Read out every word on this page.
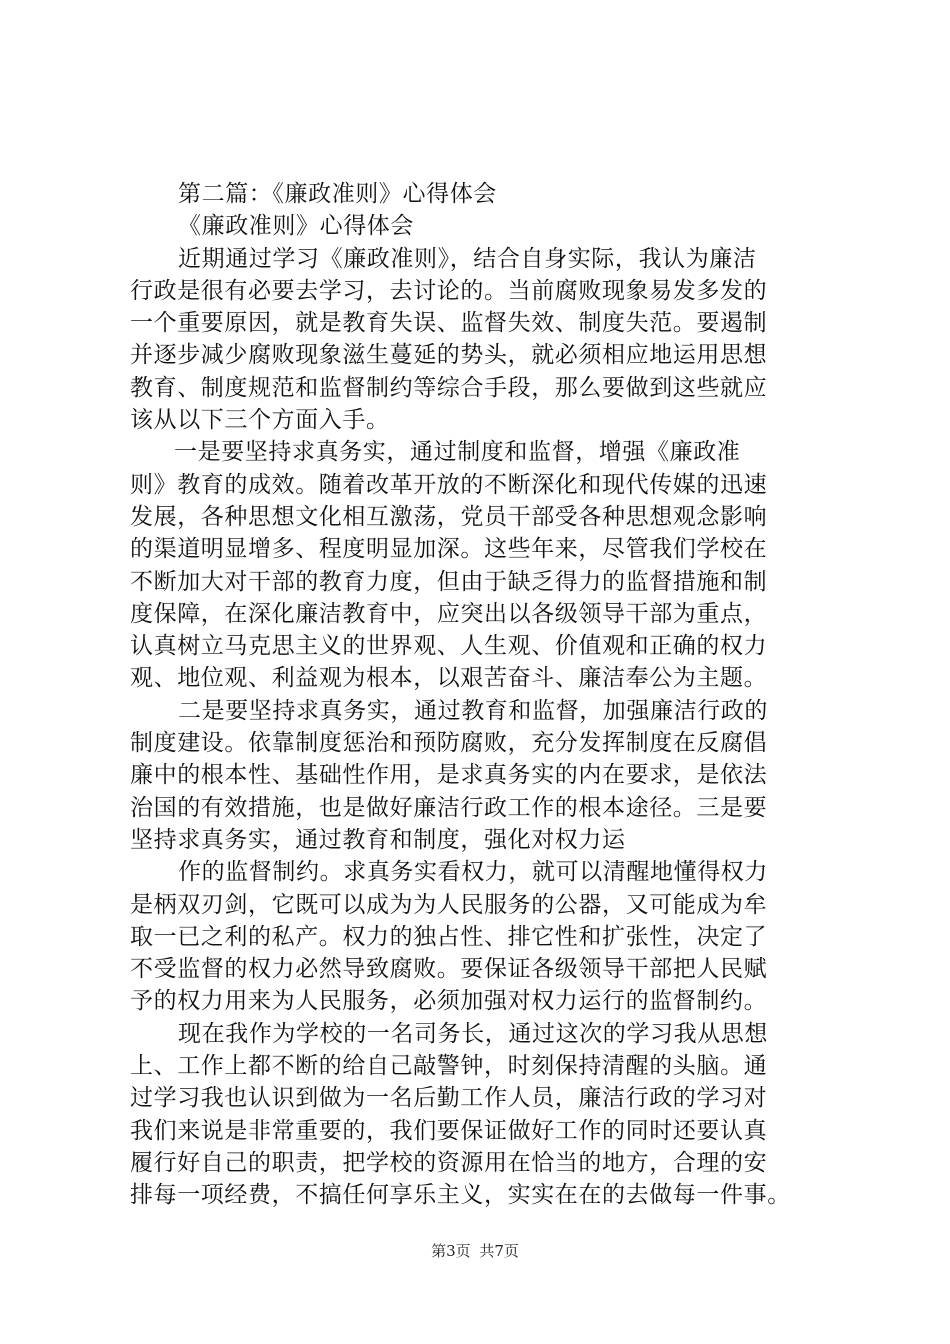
第二篇：《廉政准则》心得体会
《廉政准则》心得体会
近期通过学习《廉政准则》，结合自身实际，我认为廉洁
行政是很有必要去学习，去讨论的。当前腐败现象易发多发的
一个重要原因，就是教育失误、监督失效、制度失范。要遏制
并逐步减少腐败现象滋生蔓延的势头，就必须相应地运用思想
教育、制度规范和监督制约等综合手段，那么要做到这些就应
该从以下三个方面入手。
一是要坚持求真务实，通过制度和监督，增强《廉政准
则》教育的成效。随着改革开放的不断深化和现代传媒的迅速
发展，各种思想文化相互激荡，党员干部受各种思想观念影响
的渠道明显增多、程度明显加深。这些年来，尽管我们学校在
不断加大对干部的教育力度，但由于缺乏得力的监督措施和制
度保障，在深化廉洁教育中，应突出以各级领导干部为重点，
认真树立马克思主义的世界观、人生观、价值观和正确的权力
观、地位观、利益观为根本，以艰苦奋斗、廉洁奉公为主题。
二是要坚持求真务实，通过教育和监督，加强廉洁行政的
制度建设。依靠制度惩治和预防腐败，充分发挥制度在反腐倡
廉中的根本性、基础性作用，是求真务实的内在要求，是依法
治国的有效措施，也是做好廉洁行政工作的根本途径。三是要
坚持求真务实，通过教育和制度，强化对权力运
作的监督制约。求真务实看权力，就可以清醒地懂得权力
是柄双刃剑，它既可以成为为人民服务的公器，又可能成为牟
取一已之利的私产。权力的独占性、排它性和扩张性，决定了
不受监督的权力必然导致腐败。要保证各级领导干部把人民赋
予的权力用来为人民服务，必须加强对权力运行的监督制约。
现在我作为学校的一名司务长，通过这次的学习我从思想
上、工作上都不断的给自己敲警钟，时刻保持清醒的头脑。通
过学习我也认识到做为一名后勤工作人员，廉洁行政的学习对
我们来说是非常重要的，我们要保证做好工作的同时还要认真
履行好自己的职责，把学校的资源用在恰当的地方，合理的安
排每一项经费，不搞任何享乐主义，实实在在的去做每一件事。
第3页 共7页
